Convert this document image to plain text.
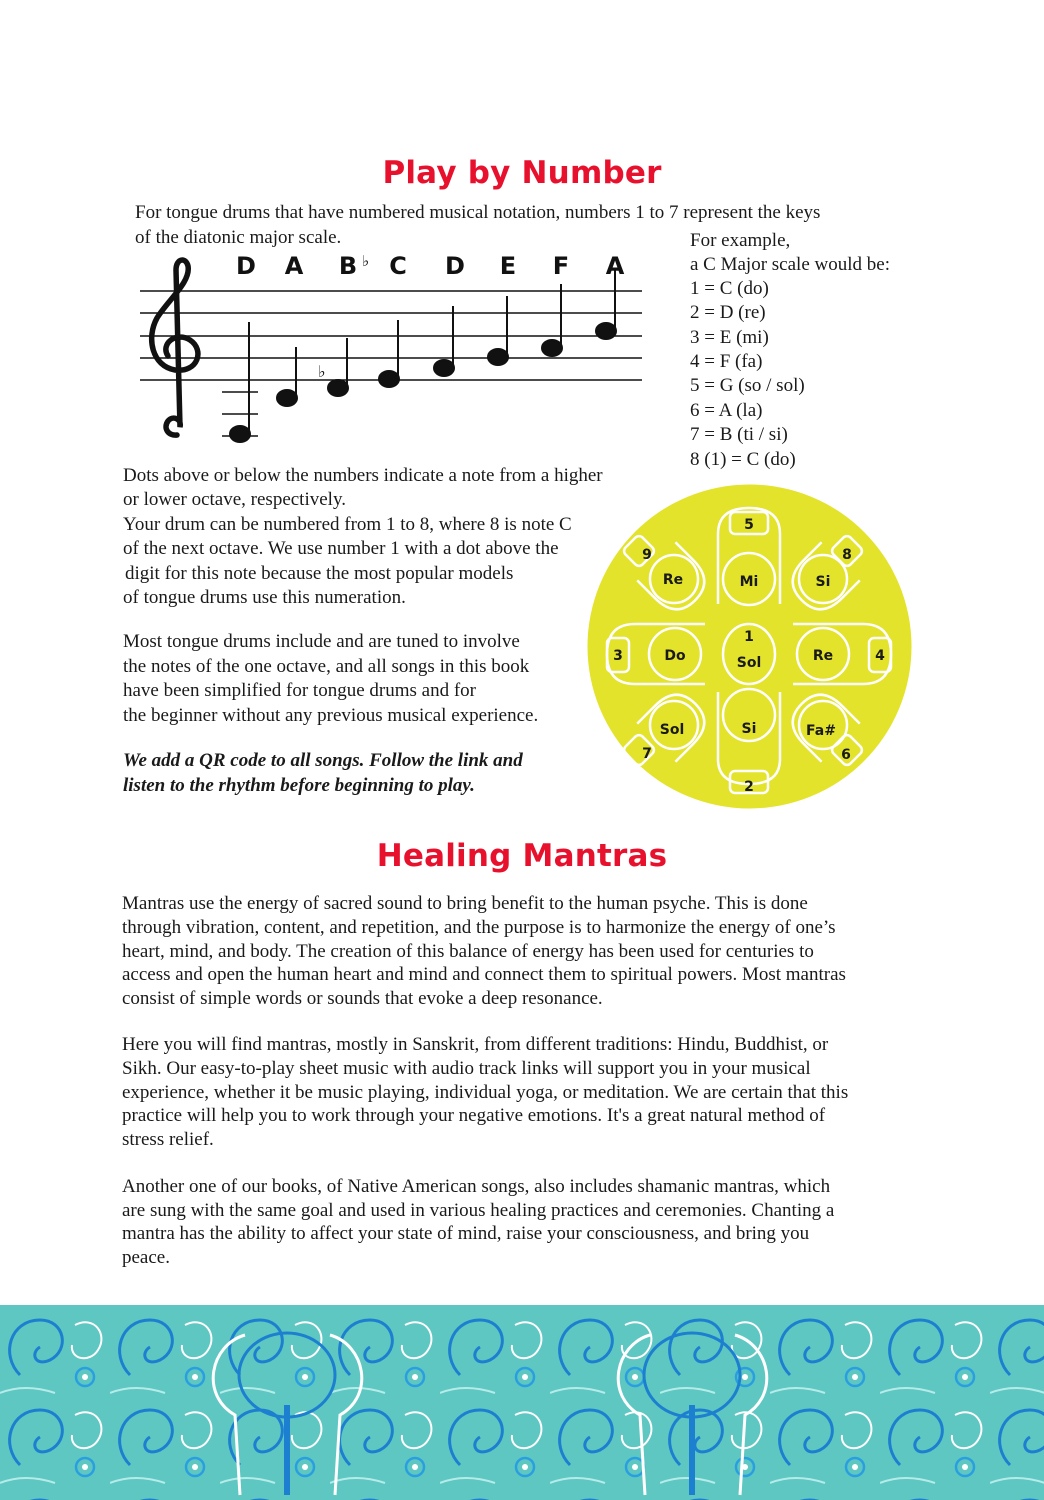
Play by Number

For tongue drums that have numbered musical notation, numbers 1 to 7 represent the keys

of the diatonic major scale.	For example,

a C Major scale would be:

1 = C (do)

2 = D (re)

3 = E (mi)

4 = F (fa)

5 = G (so / sol)

6 = A (la)

7 = B (ti / si)

8 (1) = C (do)

D A B ♭ C D E F A
♭

Dots above or below the numbers indicate a note from a higher

or lower octave, respectively.

Your drum can be numbered from 1 to 8, where 8 is note C

of the next octave. We use number 1 with a dot above the

digit for this note because the most popular models

of tongue drums use this numeration.

Most tongue drums include and are tuned to involve

the notes of the one octave, and all songs in this book

have been simplified for tongue drums and for

the beginner without any previous musical experience.

We add a QR code to all songs. Follow the link and

listen to the rhythm before beginning to play.

5
Mi
9
Re
8
Si
3	Do
1
Sol	Re	4
Sol
7
Si	Fa#
6
2
Healing Mantras

Mantras use the energy of sacred sound to bring benefit to the human psyche. This is done

through vibration, content, and repetition, and the purpose is to harmonize the energy of one’s

heart, mind, and body. The creation of this balance of energy has been used for centuries to

access and open the human heart and mind and connect them to spiritual powers. Most mantras

consist of simple words or sounds that evoke a deep resonance.

Here you will find mantras, mostly in Sanskrit, from different traditions: Hindu, Buddhist, or

Sikh. Our easy-to-play sheet music with audio track links will support you in your musical

experience, whether it be music playing, individual yoga, or meditation. We are certain that this

practice will help you to work through your negative emotions. It's a great natural method of

stress relief.

Another one of our books, of Native American songs, also includes shamanic mantras, which

are sung with the same goal and used in various healing practices and ceremonies. Chanting a

mantra has the ability to affect your state of mind, raise your consciousness, and bring you

peace.
